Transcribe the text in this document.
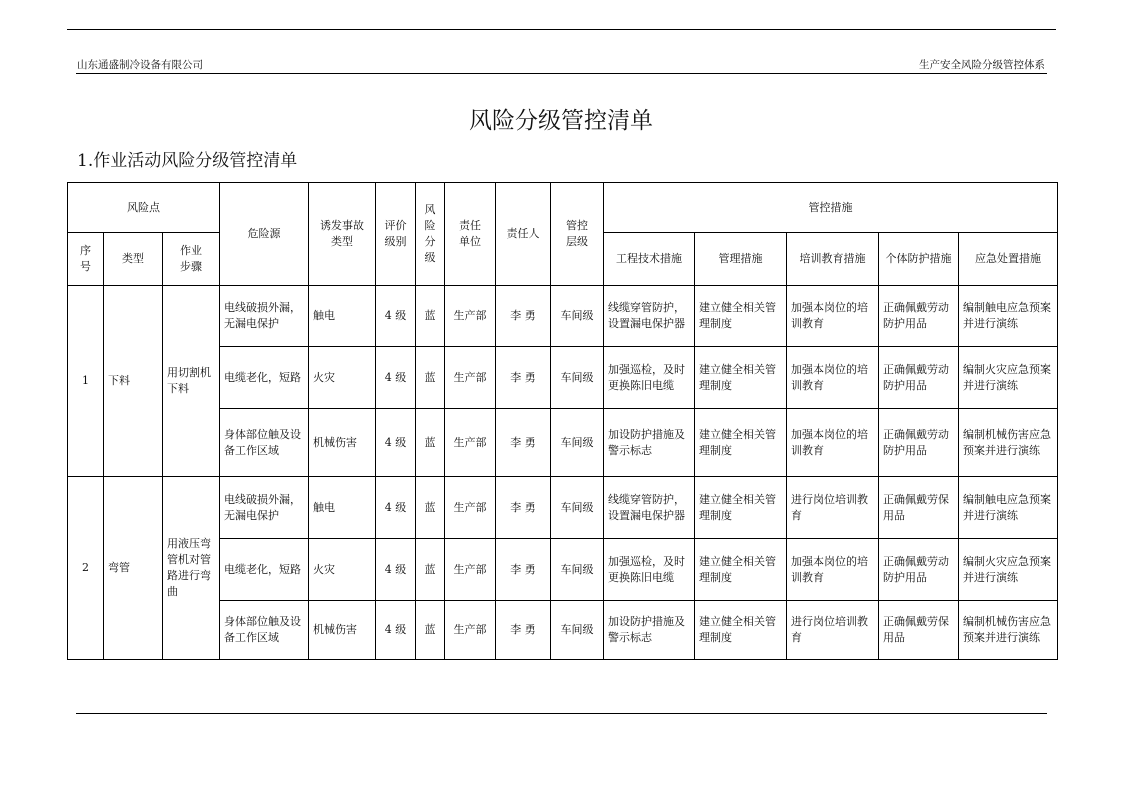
山东通盛制冷设备有限公司	生产安全风险分级管控体系
风险分级管控清单
1.作业活动风险分级管控清单
风险点			危险源	诱发事故类型	评价级别	风险分级	责任单位	责任人	管控层级	管控措施				
序号	类型	作业步骤								工程技术措施	管理措施	培训教育措施	个体防护措施	应急处置措施
1	下料	用切割机下料	电线破损外漏，无漏电保护	触电	4 级	蓝	生产部	李 勇	车间级	线缆穿管防护，设置漏电保护器	建立健全相关管理制度	加强本岗位的培训教育	正确佩戴劳动防护用品	编制触电应急预案并进行演练
			电缆老化，短路	火灾	4 级	蓝	生产部	李 勇	车间级	加强巡检，及时更换陈旧电缆	建立健全相关管理制度	加强本岗位的培训教育	正确佩戴劳动防护用品	编制火灾应急预案并进行演练
			身体部位触及设备工作区域	机械伤害	4 级	蓝	生产部	李 勇	车间级	加设防护措施及警示标志	建立健全相关管理制度	加强本岗位的培训教育	正确佩戴劳动防护用品	编制机械伤害应急预案并进行演练
2	弯管	用液压弯管机对管路进行弯曲	电线破损外漏，无漏电保护	触电	4 级	蓝	生产部	李 勇	车间级	线缆穿管防护，设置漏电保护器	建立健全相关管理制度	进行岗位培训教育	正确佩戴劳保用品	编制触电应急预案并进行演练
			电缆老化，短路	火灾	4 级	蓝	生产部	李 勇	车间级	加强巡检，及时更换陈旧电缆	建立健全相关管理制度	加强本岗位的培训教育	正确佩戴劳动防护用品	编制火灾应急预案并进行演练
			身体部位触及设备工作区域	机械伤害	4 级	蓝	生产部	李 勇	车间级	加设防护措施及警示标志	建立健全相关管理制度	进行岗位培训教育	正确佩戴劳保用品	编制机械伤害应急预案并进行演练
